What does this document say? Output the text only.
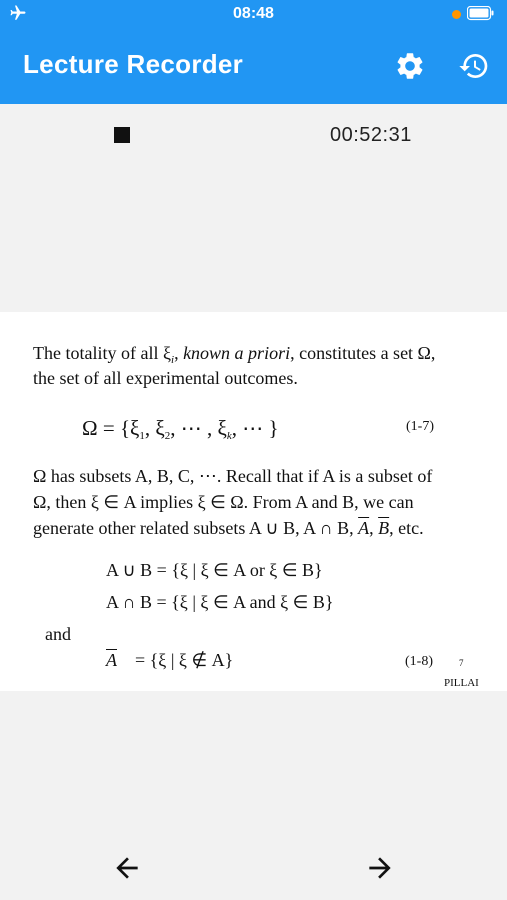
08:48
Lecture Recorder
00:52:31
The totality of all $\xi_i$, known a priori, constitutes a set Ω,
the set of all experimental outcomes.
$\Omega = \{\xi_1$, $\xi_2$, ⋯ , $\xi_k$, ⋯ }	(1-7)
Ω has subsets A, B, C, ⋯. Recall that if A is a subset of
Ω, then ξ ∈ A implies ξ ∈ Ω. From A and B, we can
generate other related subsets A ∪ B, A ∩ B, $\overline{A}$, $\overline{B}$, etc.
A ∪ B = {ξ | ξ ∈ A or ξ ∈ B}
A ∩ B = {ξ | ξ ∈ A and ξ ∈ B}
and
$\overline{A} = \{\xi$ | ξ ∉ A}	(1-8)	7
PILLAI
